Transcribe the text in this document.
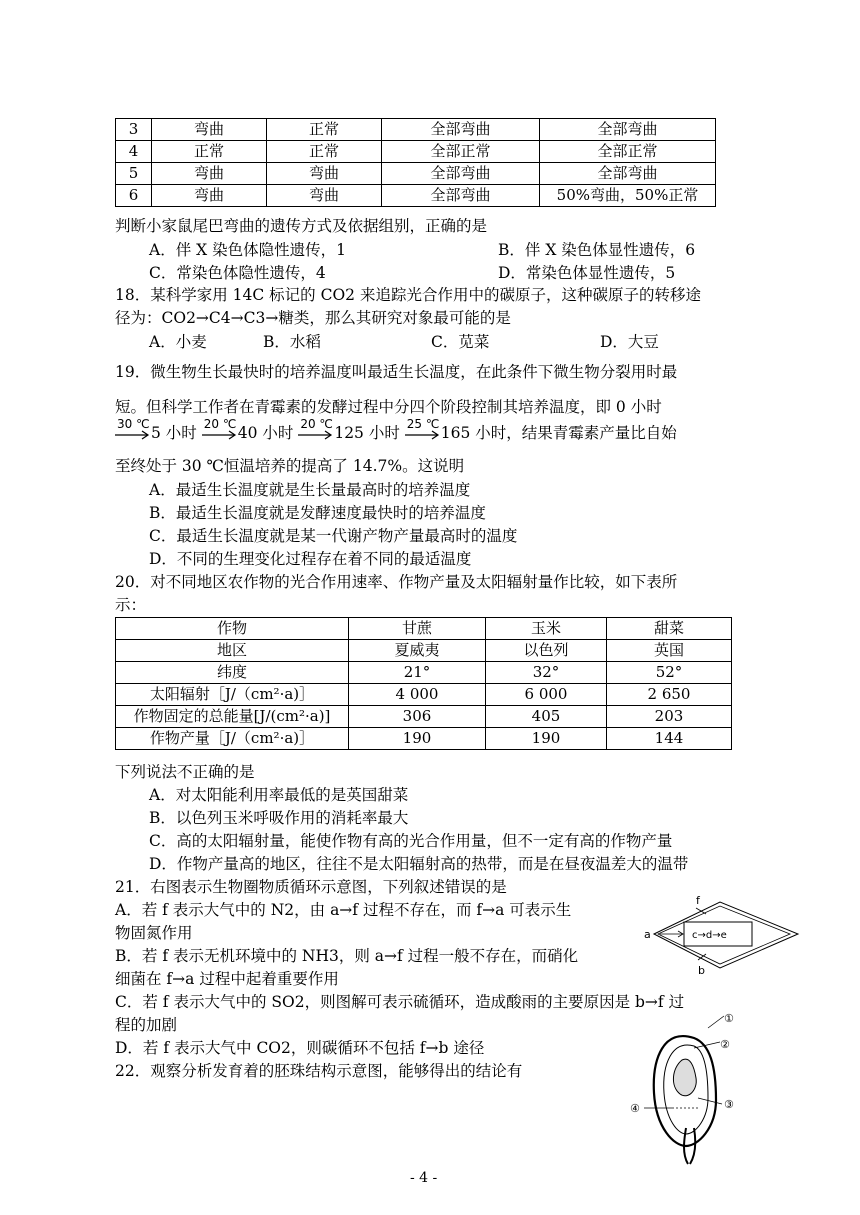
3	弯曲	正常	全部弯曲	全部弯曲
4	正常	正常	全部正常	全部正常
5	弯曲	弯曲	全部弯曲	全部弯曲
6	弯曲	弯曲	全部弯曲	50%弯曲，50%正常
判断小家鼠尾巴弯曲的遗传方式及依据组别，正确的是
A．伴 X 染色体隐性遗传，1	B．伴 X 染色体显性遗传，6
C．常染色体隐性遗传，4	D．常染色体显性遗传，5
18．某科学家用 14C 标记的 CO2 来追踪光合作用中的碳原子，这种碳原子的转移途
径为：CO2→C4→C3→糖类，那么其研究对象最可能的是
A．小麦	B．水稻	C．苋菜	D．大豆
19．微生物生长最快时的培养温度叫最适生长温度，在此条件下微生物分裂用时最
短。但科学工作者在青霉素的发酵过程中分四个阶段控制其培养温度，即 0 小时
30 ℃ 5 小时 20 ℃ 40 小时 20 ℃ 125 小时 25 ℃ 165 小时，结果青霉素产量比自始
至终处于 30 ℃恒温培养的提高了 14.7%。这说明
A．最适生长温度就是生长量最高时的培养温度
B．最适生长温度就是发酵速度最快时的培养温度
C．最适生长温度就是某一代谢产物产量最高时的温度
D．不同的生理变化过程存在着不同的最适温度
20．对不同地区农作物的光合作用速率、作物产量及太阳辐射量作比较，如下表所
示：
作物	甘蔗	玉米	甜菜
地区	夏威夷	以色列	英国
纬度	21°	32°	52°
太阳辐射［J/（cm²·a)］	4 000	6 000	2 650
作物固定的总能量[J/(cm²·a)]	306	405	203
作物产量［J/（cm²·a)］	190	190	144
下列说法不正确的是
A．对太阳能利用率最低的是英国甜菜
B．以色列玉米呼吸作用的消耗率最大
C．高的太阳辐射量，能使作物有高的光合作用量，但不一定有高的作物产量
D．作物产量高的地区，往往不是太阳辐射高的热带，而是在昼夜温差大的温带
21．右图表示生物圈物质循环示意图，下列叙述错误的是
A．若 f 表示大气中的 N2，由 a→f 过程不存在，而 f→a 可表示生
物固氮作用
B．若 f 表示无机环境中的 NH3，则 a→f 过程一般不存在，而硝化
细菌在 f→a 过程中起着重要作用
C．若 f 表示大气中的 SO2，则图解可表示硫循环，造成酸雨的主要原因是 b→f 过
程的加剧
D．若 f 表示大气中 CO2，则碳循环不包括 f→b 途径
22．观察分析发育着的胚珠结构示意图，能够得出的结论有
f
a
b
c→d→e
①
②
③
④
- 4 -
